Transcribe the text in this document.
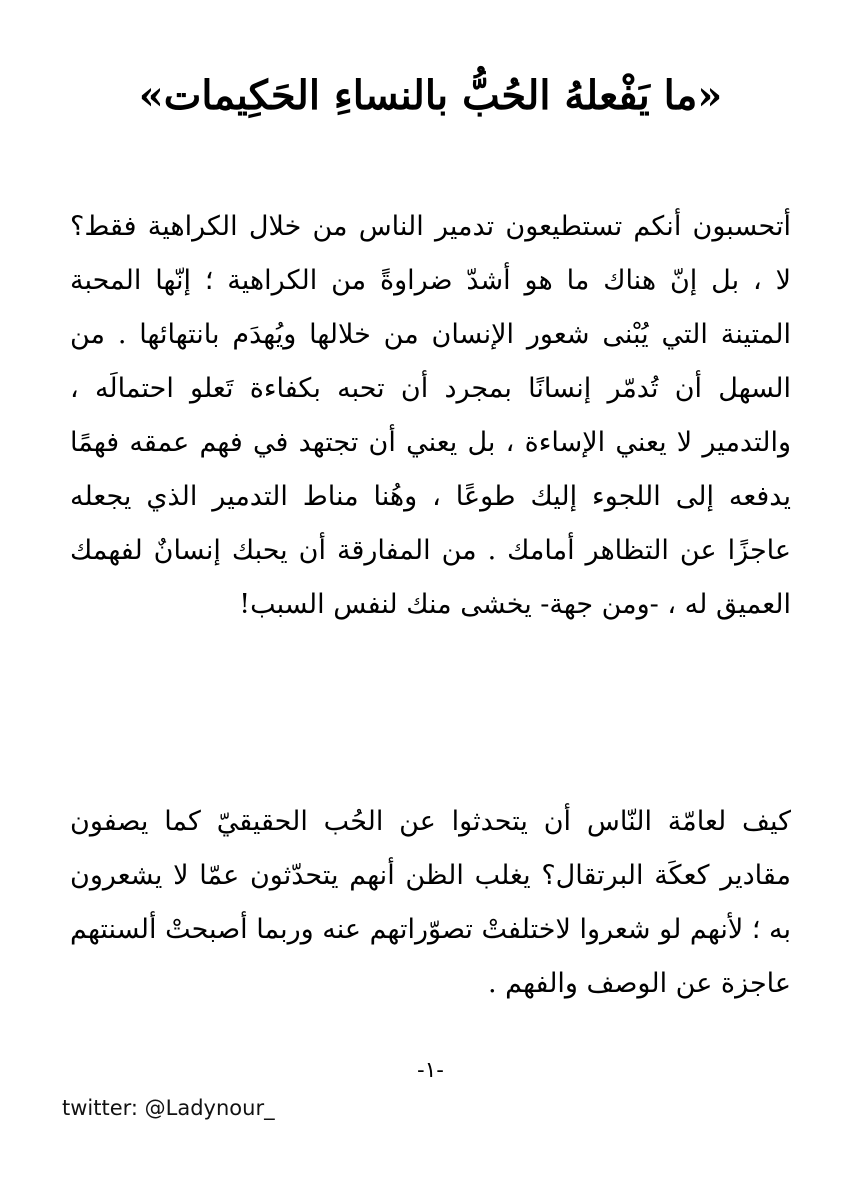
«ما يَفْعلهُ الحُبُّ بالنساءِ الحَكِيمات»

أتحسبون أنكم تستطيعون تدمير الناس من خلال الكراهية فقط؟ لا ، بل إنّ هناك ما هو أشدّ ضراوةً من الكراهية ؛ إنّها المحبة المتينة التي يُبْنى شعور الإنسان من خلالها ويُهدَم بانتهائها . من السهل أن تُدمّر إنسانًا بمجرد أن تحبه بكفاءة تَعلو احتمالَه ، والتدمير لا يعني الإساءة ، بل يعني أن تجتهد في فهم عمقه فهمًا يدفعه إلى اللجوء إليك طوعًا ، وهُنا مناط التدمير الذي يجعله عاجزًا عن التظاهر أمامك . من المفارقة أن يحبك إنسانٌ لفهمك العميق له ، -ومن جهة- يخشى منك لنفس السبب!

كيف لعامّة النّاس أن يتحدثوا عن الحُب الحقيقيّ كما يصفون مقادير كعكَة البرتقال؟ يغلب الظن أنهم يتحدّثون عمّا لا يشعرون به ؛ لأنهم لو شعروا لاختلفتْ تصوّراتهم عنه وربما أصبحتْ ألسنتهم عاجزة عن الوصف والفهم .

-١-
twitter: @Ladynour_
